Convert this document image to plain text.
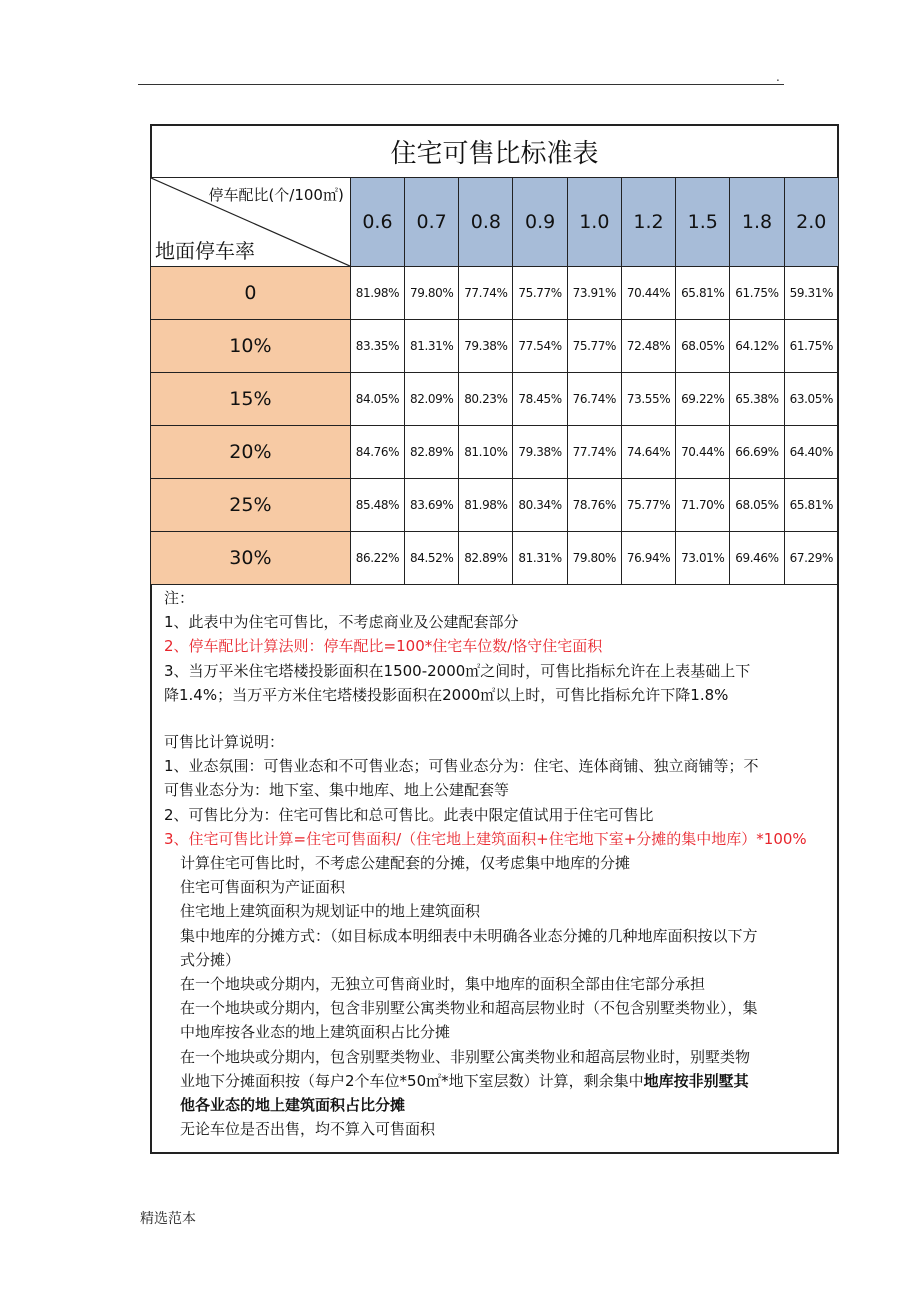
.
住宅可售比标准表									

停车配比(个/100㎡)
地面停车率	0.6	0.7	0.8	0.9	1.0	1.2	1.5	1.8	2.0
0	81.98%	79.80%	77.74%	75.77%	73.91%	70.44%	65.81%	61.75%	59.31%
10%	83.35%	81.31%	79.38%	77.54%	75.77%	72.48%	68.05%	64.12%	61.75%
15%	84.05%	82.09%	80.23%	78.45%	76.74%	73.55%	69.22%	65.38%	63.05%
20%	84.76%	82.89%	81.10%	79.38%	77.74%	74.64%	70.44%	66.69%	64.40%
25%	85.48%	83.69%	81.98%	80.34%	78.76%	75.77%	71.70%	68.05%	65.81%
30%	86.22%	84.52%	82.89%	81.31%	79.80%	76.94%	73.01%	69.46%	67.29%

注：

1、此表中为住宅可售比，不考虑商业及公建配套部分

2、停车配比计算法则：停车配比=100*住宅车位数/恪守住宅面积

3、当万平米住宅塔楼投影面积在1500-2000㎡之间时，可售比指标允许在上表基础上下

降1.4%；当万平方米住宅塔楼投影面积在2000㎡以上时，可售比指标允许下降1.8%

可售比计算说明：

1、业态氛围：可售业态和不可售业态；可售业态分为：住宅、连体商铺、独立商铺等；不

可售业态分为：地下室、集中地库、地上公建配套等

2、可售比分为：住宅可售比和总可售比。此表中限定值试用于住宅可售比

3、住宅可售比计算=住宅可售面积/（住宅地上建筑面积+住宅地下室+分摊的集中地库）*100%

计算住宅可售比时，不考虑公建配套的分摊，仅考虑集中地库的分摊

住宅可售面积为产证面积

住宅地上建筑面积为规划证中的地上建筑面积

集中地库的分摊方式：（如目标成本明细表中未明确各业态分摊的几种地库面积按以下方

式分摊）

在一个地块或分期内，无独立可售商业时，集中地库的面积全部由住宅部分承担

在一个地块或分期内，包含非别墅公寓类物业和超高层物业时（不包含别墅类物业），集

中地库按各业态的地上建筑面积占比分摊

在一个地块或分期内，包含别墅类物业、非别墅公寓类物业和超高层物业时，别墅类物

业地下分摊面积按（每户2个车位*50㎡*地下室层数）计算，剩余集中地库按非别墅其

他各业态的地上建筑面积占比分摊

无论车位是否出售，均不算入可售面积

精选范本
